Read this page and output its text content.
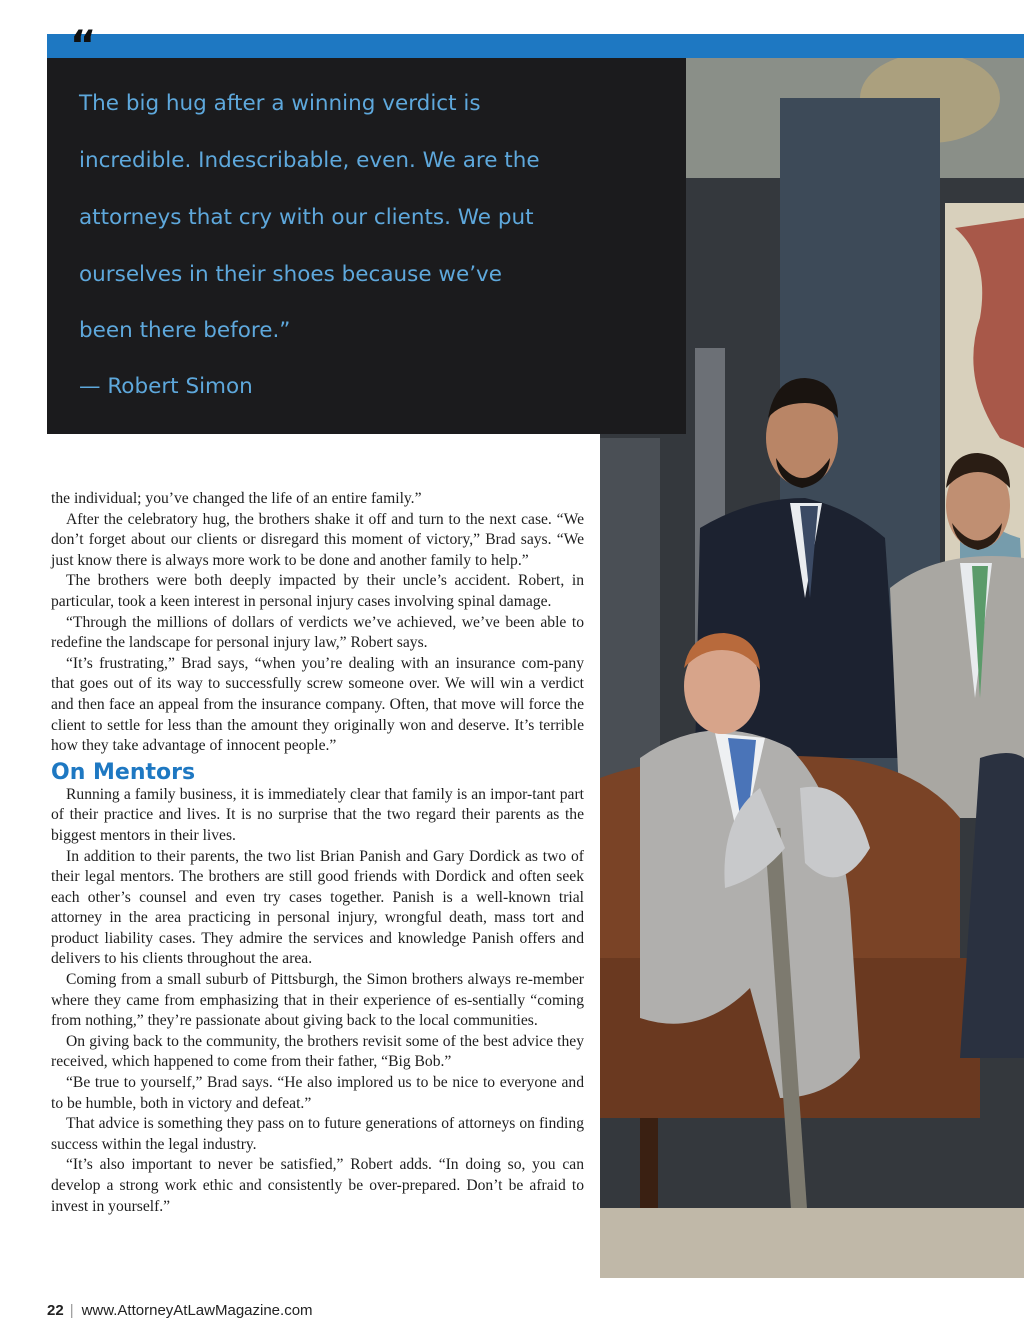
The big hug after a winning verdict is
incredible. Indescribable, even. We are the
attorneys that cry with our clients. We put
ourselves in their shoes because we’ve
been there before.”
— Robert Simon
“

the individual; you’ve changed the life of an entire family.”

After the celebratory hug, the brothers shake it off and turn to the next case. “We don’t forget about our clients or disregard this moment of victory,” Brad says. “We just know there is always more work to be done and another family to help.”

The brothers were both deeply impacted by their uncle’s accident. Robert, in particular, took a keen interest in personal injury cases involving spinal damage.

“Through the millions of dollars of verdicts we’ve achieved, we’ve been able to redefine the landscape for personal injury law,” Robert says.

“It’s frustrating,” Brad says, “when you’re dealing with an insurance com-pany that goes out of its way to successfully screw someone over. We will win a verdict and then face an appeal from the insurance company. Often, that move will force the client to settle for less than the amount they originally won and deserve. It’s terrible how they take advantage of innocent people.”

On Mentors

Running a family business, it is immediately clear that family is an impor-tant part of their practice and lives. It is no surprise that the two regard their parents as the biggest mentors in their lives.

In addition to their parents, the two list Brian Panish and Gary Dordick as two of their legal mentors. The brothers are still good friends with Dordick and often seek each other’s counsel and even try cases together. Panish is a well-known trial attorney in the area practicing in personal injury, wrongful death, mass tort and product liability cases. They admire the services and knowledge Panish offers and delivers to his clients throughout the area.

Coming from a small suburb of Pittsburgh, the Simon brothers always re-member where they came from emphasizing that in their experience of es-sentially “coming from nothing,” they’re passionate about giving back to the local communities.

On giving back to the community, the brothers revisit some of the best advice they received, which happened to come from their father, “Big Bob.”

“Be true to yourself,” Brad says. “He also implored us to be nice to everyone and to be humble, both in victory and defeat.”

That advice is something they pass on to future generations of attorneys on finding success within the legal industry.

“It’s also important to never be satisfied,” Robert adds. “In doing so, you can develop a strong work ethic and consistently be over-prepared. Don’t be afraid to invest in yourself.”

22 | www.AttorneyAtLawMagazine.com
